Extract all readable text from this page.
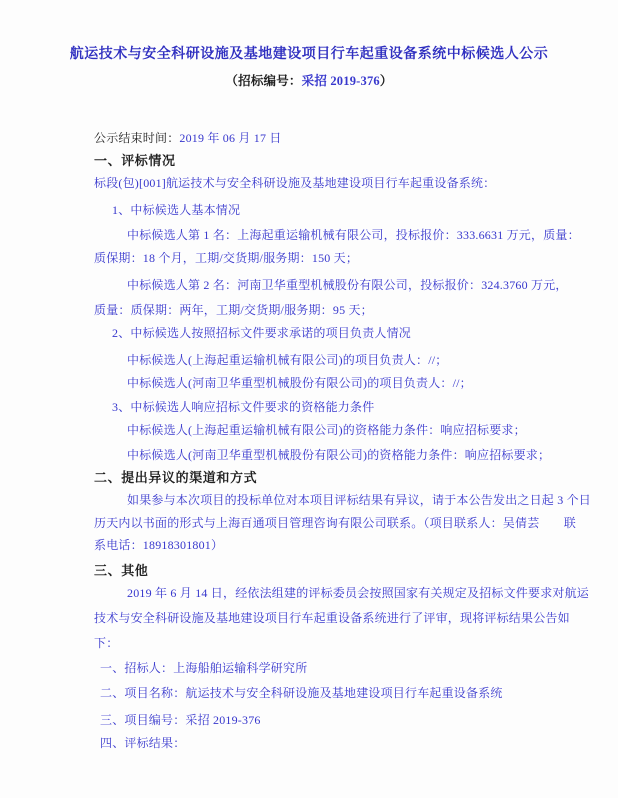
航运技术与安全科研设施及基地建设项目行车起重设备系统中标候选人公示
（招标编号：采招 2019-376）
公示结束时间：2019 年 06 月 17 日
一、评标情况
标段(包)[001]航运技术与安全科研设施及基地建设项目行车起重设备系统：
1、中标候选人基本情况
中标候选人第 1 名：上海起重运输机械有限公司，投标报价：333.6631 万元，质量：
质保期：18 个月，工期/交货期/服务期：150 天；
中标候选人第 2 名：河南卫华重型机械股份有限公司，投标报价：324.3760 万元，
质量：质保期：两年，工期/交货期/服务期：95 天；
2、中标候选人按照招标文件要求承诺的项目负责人情况
中标候选人(上海起重运输机械有限公司)的项目负责人：//；
中标候选人(河南卫华重型机械股份有限公司)的项目负责人：//；
3、中标候选人响应招标文件要求的资格能力条件
中标候选人(上海起重运输机械有限公司)的资格能力条件：响应招标要求；
中标候选人(河南卫华重型机械股份有限公司)的资格能力条件：响应招标要求；
二、提出异议的渠道和方式
如果参与本次项目的投标单位对本项目评标结果有异议，请于本公告发出之日起 3 个日
历天内以书面的形式与上海百通项目管理咨询有限公司联系。（项目联系人：吴倩芸　　联
系电话：18918301801）
三、其他
2019 年 6 月 14 日，经依法组建的评标委员会按照国家有关规定及招标文件要求对航运
技术与安全科研设施及基地建设项目行车起重设备系统进行了评审，现将评标结果公告如
下：
一、招标人：上海船舶运输科学研究所
二、项目名称：航运技术与安全科研设施及基地建设项目行车起重设备系统
三、项目编号：采招 2019-376
四、评标结果：
